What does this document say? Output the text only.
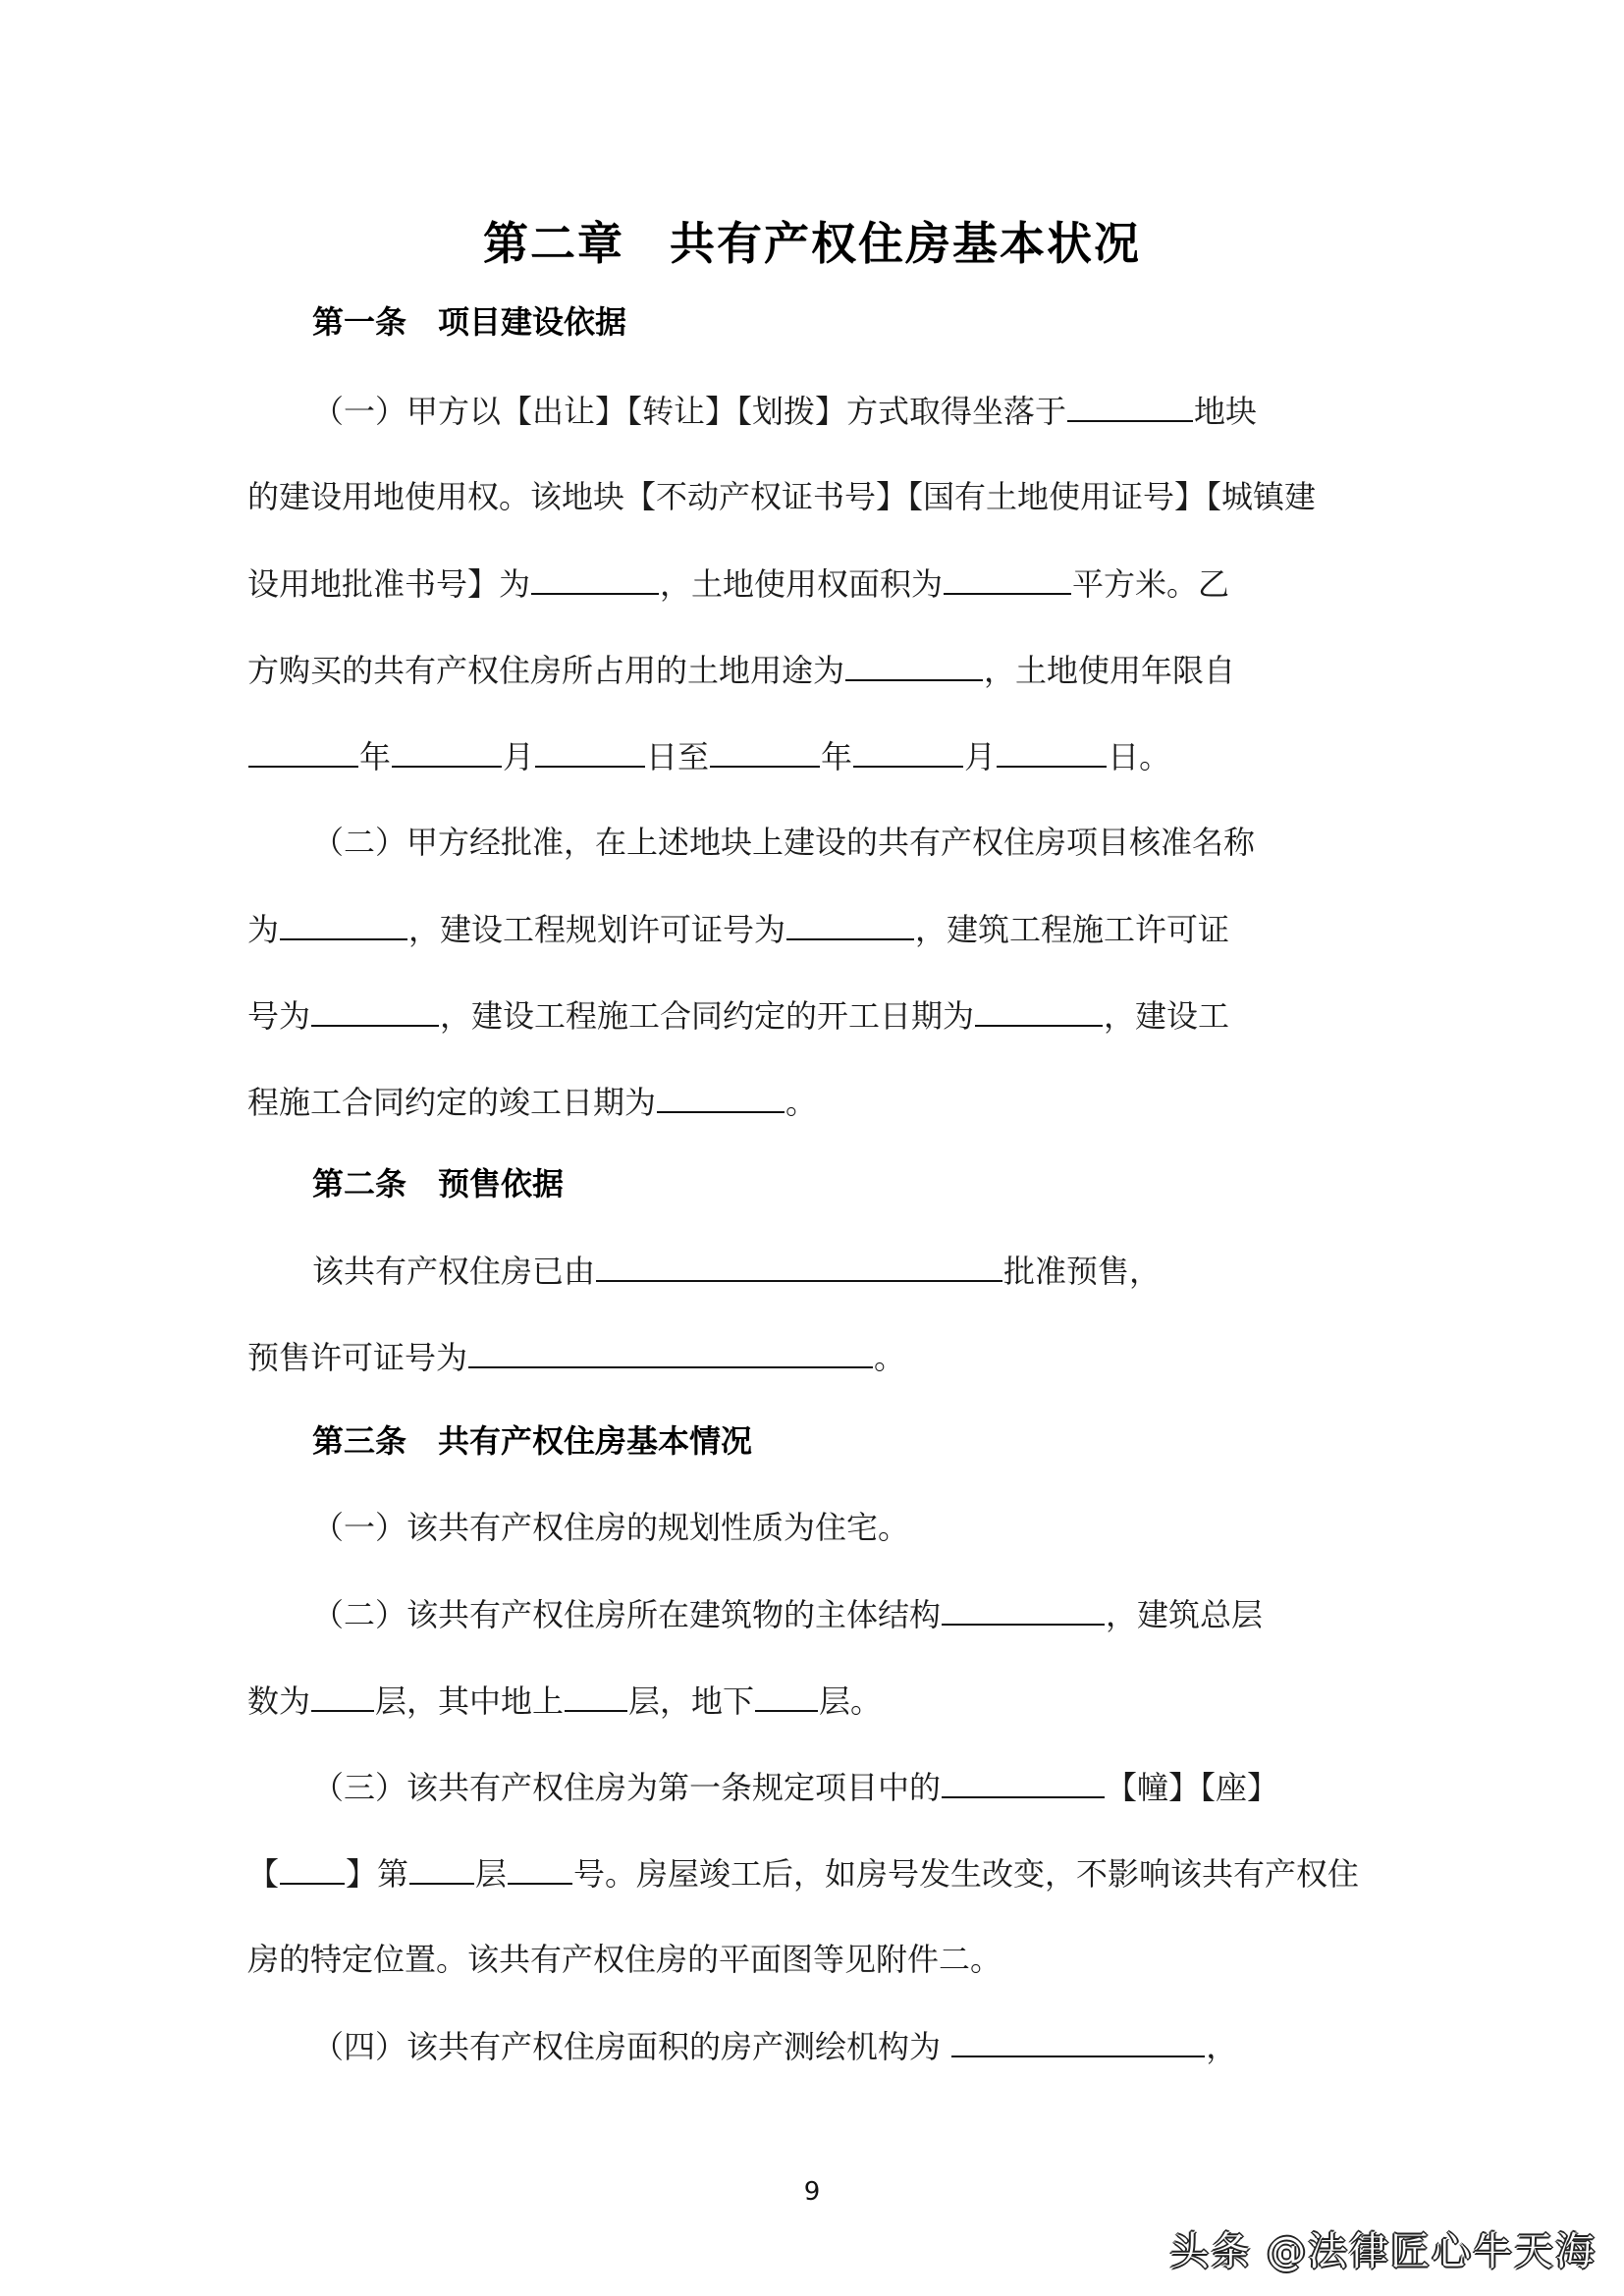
第二章 共有产权住房基本状况
第一条 项目建设依据
（一）甲方以【出让】【转让】【划拨】方式取得坐落于	地块
的建设用地使用权。该地块【不动产权证书号】【国有土地使用证号】【城镇建
设用地批准书号】为	，土地使用权面积为	平方米。乙
方购买的共有产权住房所占用的土地用途为	，土地使用年限自
年	月	日至	年	月	日。
（二）甲方经批准，在上述地块上建设的共有产权住房项目核准名称
为	，建设工程规划许可证号为	，建筑工程施工许可证
号为	，建设工程施工合同约定的开工日期为	，建设工
程施工合同约定的竣工日期为	。
第二条 预售依据
该共有产权住房已由	批准预售，
预售许可证号为	。
第三条 共有产权住房基本情况
（一）该共有产权住房的规划性质为住宅。
（二）该共有产权住房所在建筑物的主体结构	，建筑总层
数为 层，其中地上 层，地下 层。
（三）该共有产权住房为第一条规定项目中的	【幢】【座】
【 】第 层 号。房屋竣工后，如房号发生改变，不影响该共有产权住
房的特定位置。该共有产权住房的平面图等见附件二。
（四）该共有产权住房面积的房产测绘机构为	，
9
头条 @法律匠心牛天海
